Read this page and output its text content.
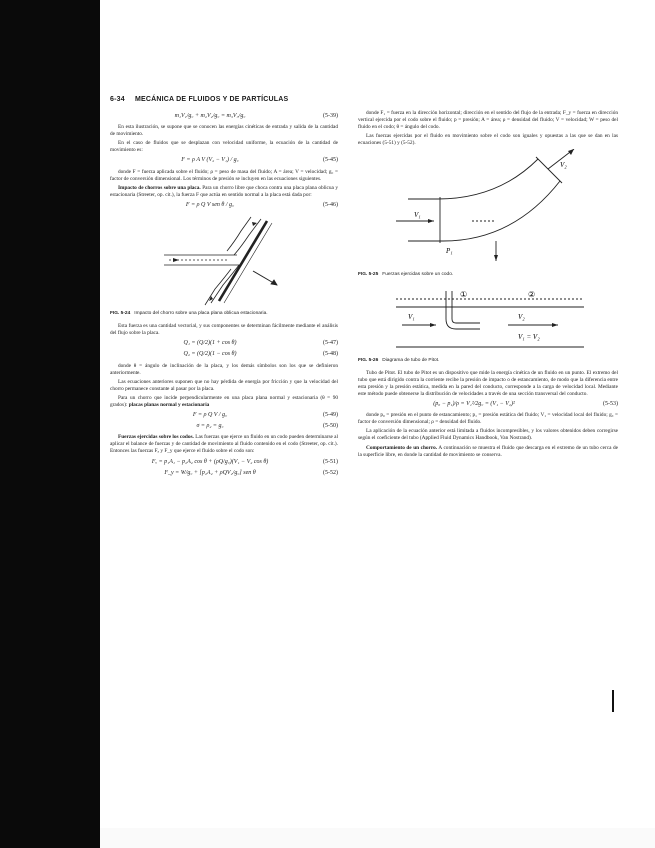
6-34 MECÁNICA DE FLUIDOS Y DE PARTÍCULAS
m₁V₁/g꜀ + m₂V₂/g꜀ = m₃V₃/g꜀	(5-39)

En esta ilustración, se supone que se conocen las energías cinéticas de entrada y salida de la cantidad de movimiento.

En el caso de fluidos que se desplazan con velocidad uniforme, la ecuación de la cantidad de movimiento es:

F = ρ A V (V₂ − V₁) / g꜀	(5-45)

donde F = fuerza aplicada sobre el fluido; ρ = peso de masa del fluido; A = área; V = velocidad; g꜀ = factor de conversión dimensional. Los términos de presión se incluyen en las ecuaciones siguientes.

Impacto de chorros sobre una placa. Para un chorro libre que choca contra una placa plana oblicua y estacionaria (Streeter, op. cit.), la fuerza F que actúa en sentido normal a la placa está dada por:

F = ρ Q V sen θ / g꜀	(5-46)
FIG. 5-24 Impacto del chorro sobre una placa plana oblicua estacionaria.

Esta fuerza es una cantidad vectorial, y sus componentes se determinan fácilmente mediante el análisis del flujo sobre la placa.

Q₁ = (Q/2)(1 + cos θ)	(5-47)
Q₂ = (Q/2)(1 − cos θ)	(5-48)

donde θ = ángulo de inclinación de la placa, y los demás símbolos son los que se definieron anteriormente.

Las ecuaciones anteriores suponen que no hay pérdida de energía por fricción y que la velocidad del chorro permanece constante al pasar por la placa.

Para un chorro que incide perpendicularmente en una placa plana normal y estacionaria (θ = 90 grados): placas planas normal y estacionaria

F = ρ Q V / g꜀	(5-49)
σ = ρ₂ = g꜀	(5-50)

Fuerzas ejercidas sobre los codos. Las fuerzas que ejerce un fluido en un codo pueden determinarse al aplicar el balance de fuerzas y de cantidad de movimiento al fluido contenido en el codo (Streeter, op. cit.). Entonces las fuerzas Fₓ y F_y que ejerce el fluido sobre el codo son:

Fₓ = p₁A₁ − p₂A₂ cos θ + (ρQ/g꜀)(V₁ − V₂ cos θ)	(5-51)
F_y = W/g꜀ + [p₂A₂ + ρQV₂/g꜀] sen θ	(5-52)

donde F₁ = fuerza en la dirección horizontal; dirección en el sentido del flujo de la entrada; F_y = fuerza en dirección vertical ejercida por el codo sobre el fluido; p = presión; A = área; ρ = densidad del fluido; V = velocidad; W = peso del fluido en el codo; θ = ángulo del codo.

Las fuerzas ejercidas por el fluido en movimiento sobre el codo son iguales y opuestas a las que se dan en las ecuaciones (5-51) y (5-52).

V₁
V₂
P₁
FIG. 5-25 Fuerzas ejercidas sobre un codo.
①	②
V₁	V₂
V₁ = V₂
FIG. 5-26 Diagrama de tubo de Pitot.

Tubo de Pitot. El tubo de Pitot es un dispositivo que mide la energía cinética de un fluido en un punto. El extremo del tubo que está dirigido contra la corriente recibe la presión de impacto o de estancamiento, de modo que la diferencia entre esta presión y la presión estática, medida en la pared del conducto, corresponde a la carga de velocidad local. Mediante este método puede obtenerse la distribución de velocidades a través de una sección transversal del conducto.

(p₀ − p₁)/ρ = V₁²/2g꜀ = (V₁ − V₂)²	(5-53)

donde p₀ = presión en el punto de estancamiento; p₁ = presión estática del fluido; V₁ = velocidad local del fluido; g꜀ = factor de conversión dimensional; ρ = densidad del fluido.

La aplicación de la ecuación anterior está limitada a fluidos incompresibles, y los valores obtenidos deben corregirse según el coeficiente del tubo (Applied Fluid Dynamics Handbook, Van Nostrand).

Comportamiento de un chorro. A continuación se muestra el fluido que descarga en el extremo de un tubo cerca de la superficie libre, en donde la cantidad de movimiento se conserva.
